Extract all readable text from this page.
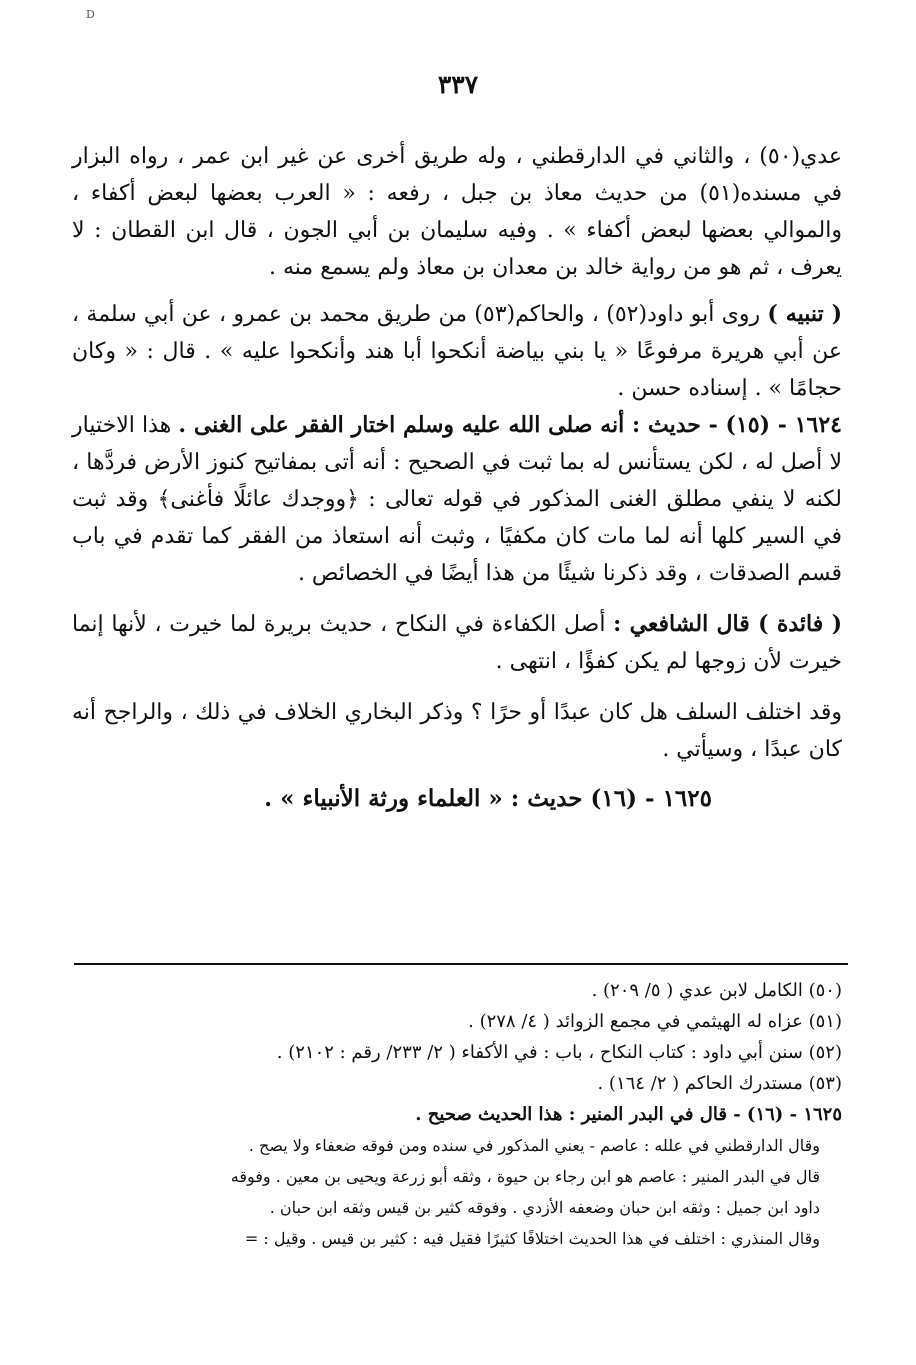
D
٣٣٧

عدي(٥٠) ، والثاني في الدارقطني ، وله طريق أخرى عن غير ابن عمر ، رواه البزار في مسنده(٥١) من حديث معاذ بن جبل ، رفعه : « العرب بعضها لبعض أكفاء ، والموالي بعضها لبعض أكفاء » . وفيه سليمان بن أبي الجون ، قال ابن القطان : لا يعرف ، ثم هو من رواية خالد بن معدان بن معاذ ولم يسمع منه .

( تنبيه ) روى أبو داود(٥٢) ، والحاكم(٥٣) من طريق محمد بن عمرو ، عن أبي سلمة ، عن أبي هريرة مرفوعًا « يا بني بياضة أنكحوا أبا هند وأنكحوا عليه » . قال : « وكان حجامًا » . إسناده حسن .

١٦٢٤ - (١٥) - حديث : أنه صلى الله عليه وسلم اختار الفقر على الغنى . هذا الاختيار لا أصل له ، لكن يستأنس له بما ثبت في الصحيح : أنه أتى بمفاتيح كنوز الأرض فردَّها ، لكنه لا ينفي مطلق الغنى المذكور في قوله تعالى : ﴿ووجدك عائلًا فأغنى﴾ وقد ثبت في السير كلها أنه لما مات كان مكفيًا ، وثبت أنه استعاذ من الفقر كما تقدم في باب قسم الصدقات ، وقد ذكرنا شيئًا من هذا أيضًا في الخصائص .

( فائدة ) قال الشافعي : أصل الكفاءة في النكاح ، حديث بريرة لما خيرت ، لأنها إنما خيرت لأن زوجها لم يكن كفؤًا ، انتهى .

وقد اختلف السلف هل كان عبدًا أو حرًا ؟ وذكر البخاري الخلاف في ذلك ، والراجح أنه كان عبدًا ، وسيأتي .

١٦٢٥ - (١٦) حديث : « العلماء ورثة الأنبياء » .

(٥٠) الكامل لابن عدي ( ٥/ ٢٠٩) .

(٥١) عزاه له الهيثمي في مجمع الزوائد ( ٤/ ٢٧٨) .

(٥٢) سنن أبي داود : كتاب النكاح ، باب : في الأكفاء ( ٢/ ٢٣٣/ رقم : ٢١٠٢) .

(٥٣) مستدرك الحاكم ( ٢/ ١٦٤) .

١٦٢٥ - (١٦) - قال في البدر المنير : هذا الحديث صحيح .

وقال الدارقطني في علله : عاصم - يعني المذكور في سنده ومن فوقه ضعفاء ولا يصح .

قال في البدر المنير : عاصم هو ابن رجاء بن حيوة ، وثقه أبو زرعة ويحيى بن معين . وفوقه

داود ابن جميل : وثقه ابن حبان وضعفه الأزدي . وفوقه كثير بن قيس وثقه ابن حبان .

وقال المنذري : اختلف في هذا الحديث اختلافًا كثيرًا فقيل فيه : كثير بن قيس . وقيل : =
